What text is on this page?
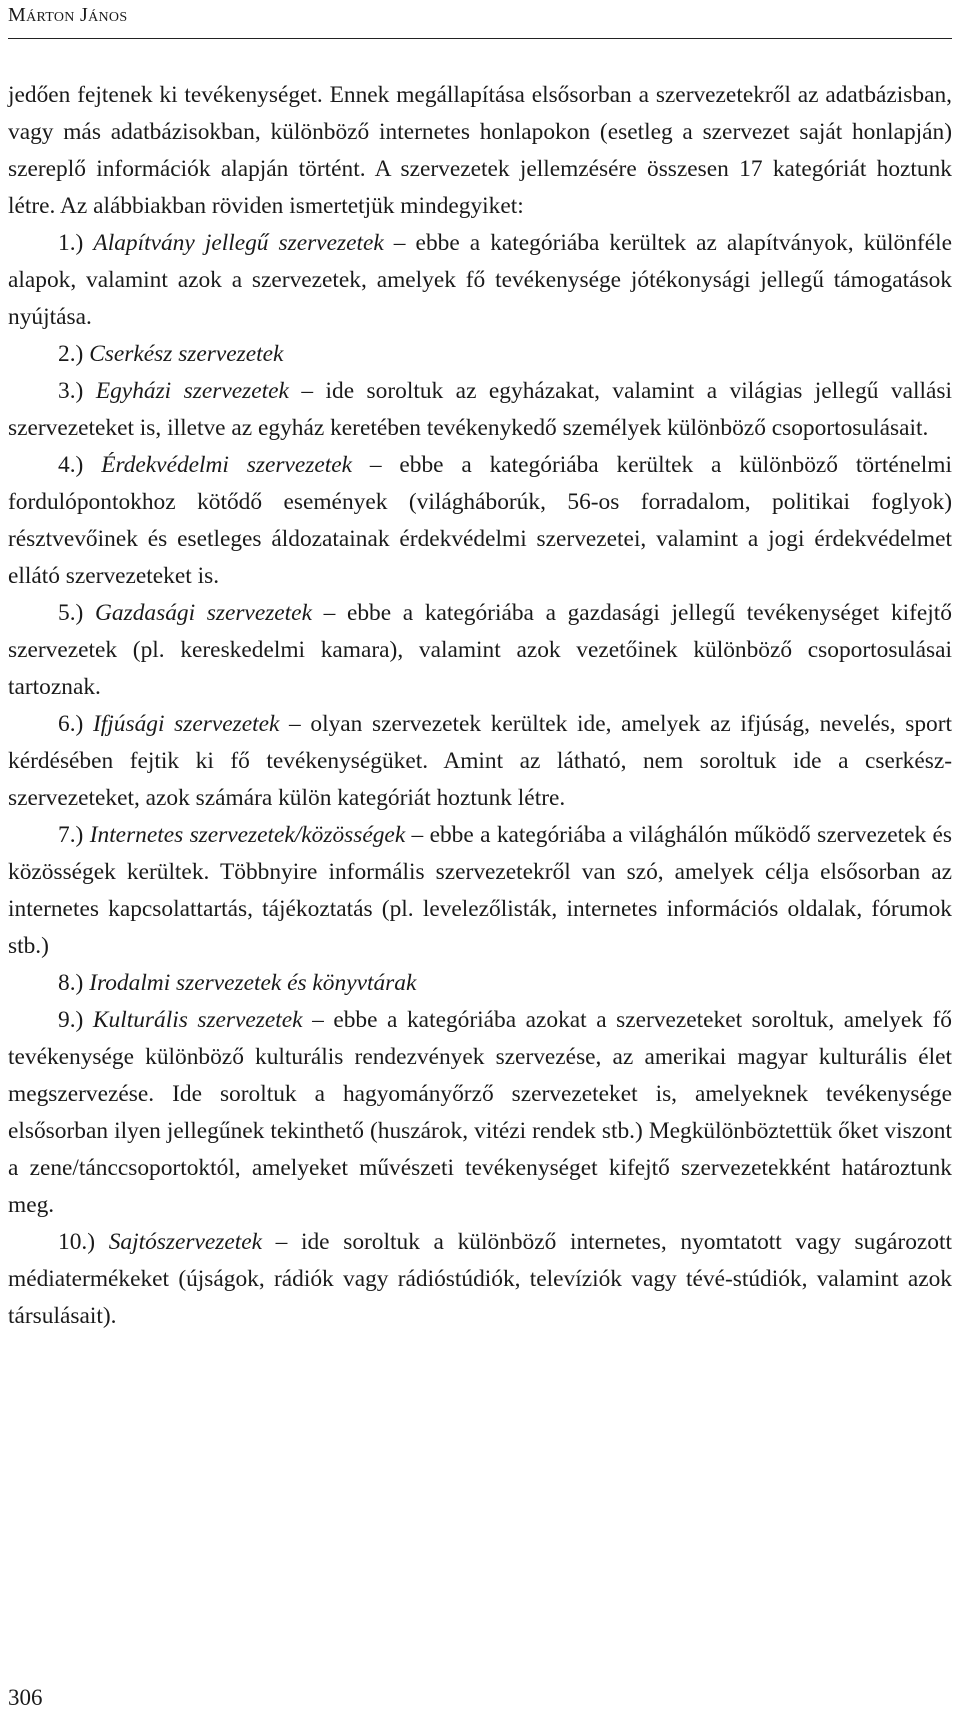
Márton János

jedően fejtenek ki tevékenységet. Ennek megállapítása elsősorban a szervezetekről az adatbázisban, vagy más adatbázisokban, különböző internetes honlapokon (esetleg a szervezet saját honlapján) szereplő információk alapján történt. A szervezetek jellemzésére összesen 17 kategóriát hoztunk létre. Az alábbiakban röviden ismertetjük mindegyiket:

1.) Alapítvány jellegű szervezetek – ebbe a kategóriába kerültek az alapítványok, különféle alapok, valamint azok a szervezetek, amelyek fő tevékenysége jótékonysági jellegű támogatások nyújtása.

2.) Cserkész szervezetek

3.) Egyházi szervezetek – ide soroltuk az egyházakat, valamint a világias jellegű vallási szervezeteket is, illetve az egyház keretében tevékenykedő személyek különböző csoportosulásait.

4.) Érdekvédelmi szervezetek – ebbe a kategóriába kerültek a különböző történelmi fordulópontokhoz kötődő események (világháborúk, 56-os forradalom, politikai foglyok) résztvevőinek és esetleges áldozatainak érdekvédelmi szervezetei, valamint a jogi érdekvédelmet ellátó szervezeteket is.

5.) Gazdasági szervezetek – ebbe a kategóriába a gazdasági jellegű tevékenységet kifejtő szervezetek (pl. kereskedelmi kamara), valamint azok vezetőinek különböző csoportosulásai tartoznak.

6.) Ifjúsági szervezetek – olyan szervezetek kerültek ide, amelyek az ifjúság, nevelés, sport kérdésében fejtik ki fő tevékenységüket. Amint az látható, nem soroltuk ide a cserkész-szervezeteket, azok számára külön kategóriát hoztunk létre.

7.) Internetes szervezetek/közösségek – ebbe a kategóriába a világhálón működő szervezetek és közösségek kerültek. Többnyire informális szervezetekről van szó, amelyek célja elsősorban az internetes kapcsolattartás, tájékoztatás (pl. levelezőlisták, internetes információs oldalak, fórumok stb.)

8.) Irodalmi szervezetek és könyvtárak

9.) Kulturális szervezetek – ebbe a kategóriába azokat a szervezeteket soroltuk, amelyek fő tevékenysége különböző kulturális rendezvények szervezése, az amerikai magyar kulturális élet megszervezése. Ide soroltuk a hagyományőrző szervezeteket is, amelyeknek tevékenysége elsősorban ilyen jellegűnek tekinthető (huszárok, vitézi rendek stb.) Megkülönböztettük őket viszont a zene/tánccsoportoktól, amelyeket művészeti tevékenységet kifejtő szervezetekként határoztunk meg.

10.) Sajtószervezetek – ide soroltuk a különböző internetes, nyomtatott vagy sugározott médiatermékeket (újságok, rádiók vagy rádióstúdiók, televíziók vagy tévé-stúdiók, valamint azok társulásait).

306
